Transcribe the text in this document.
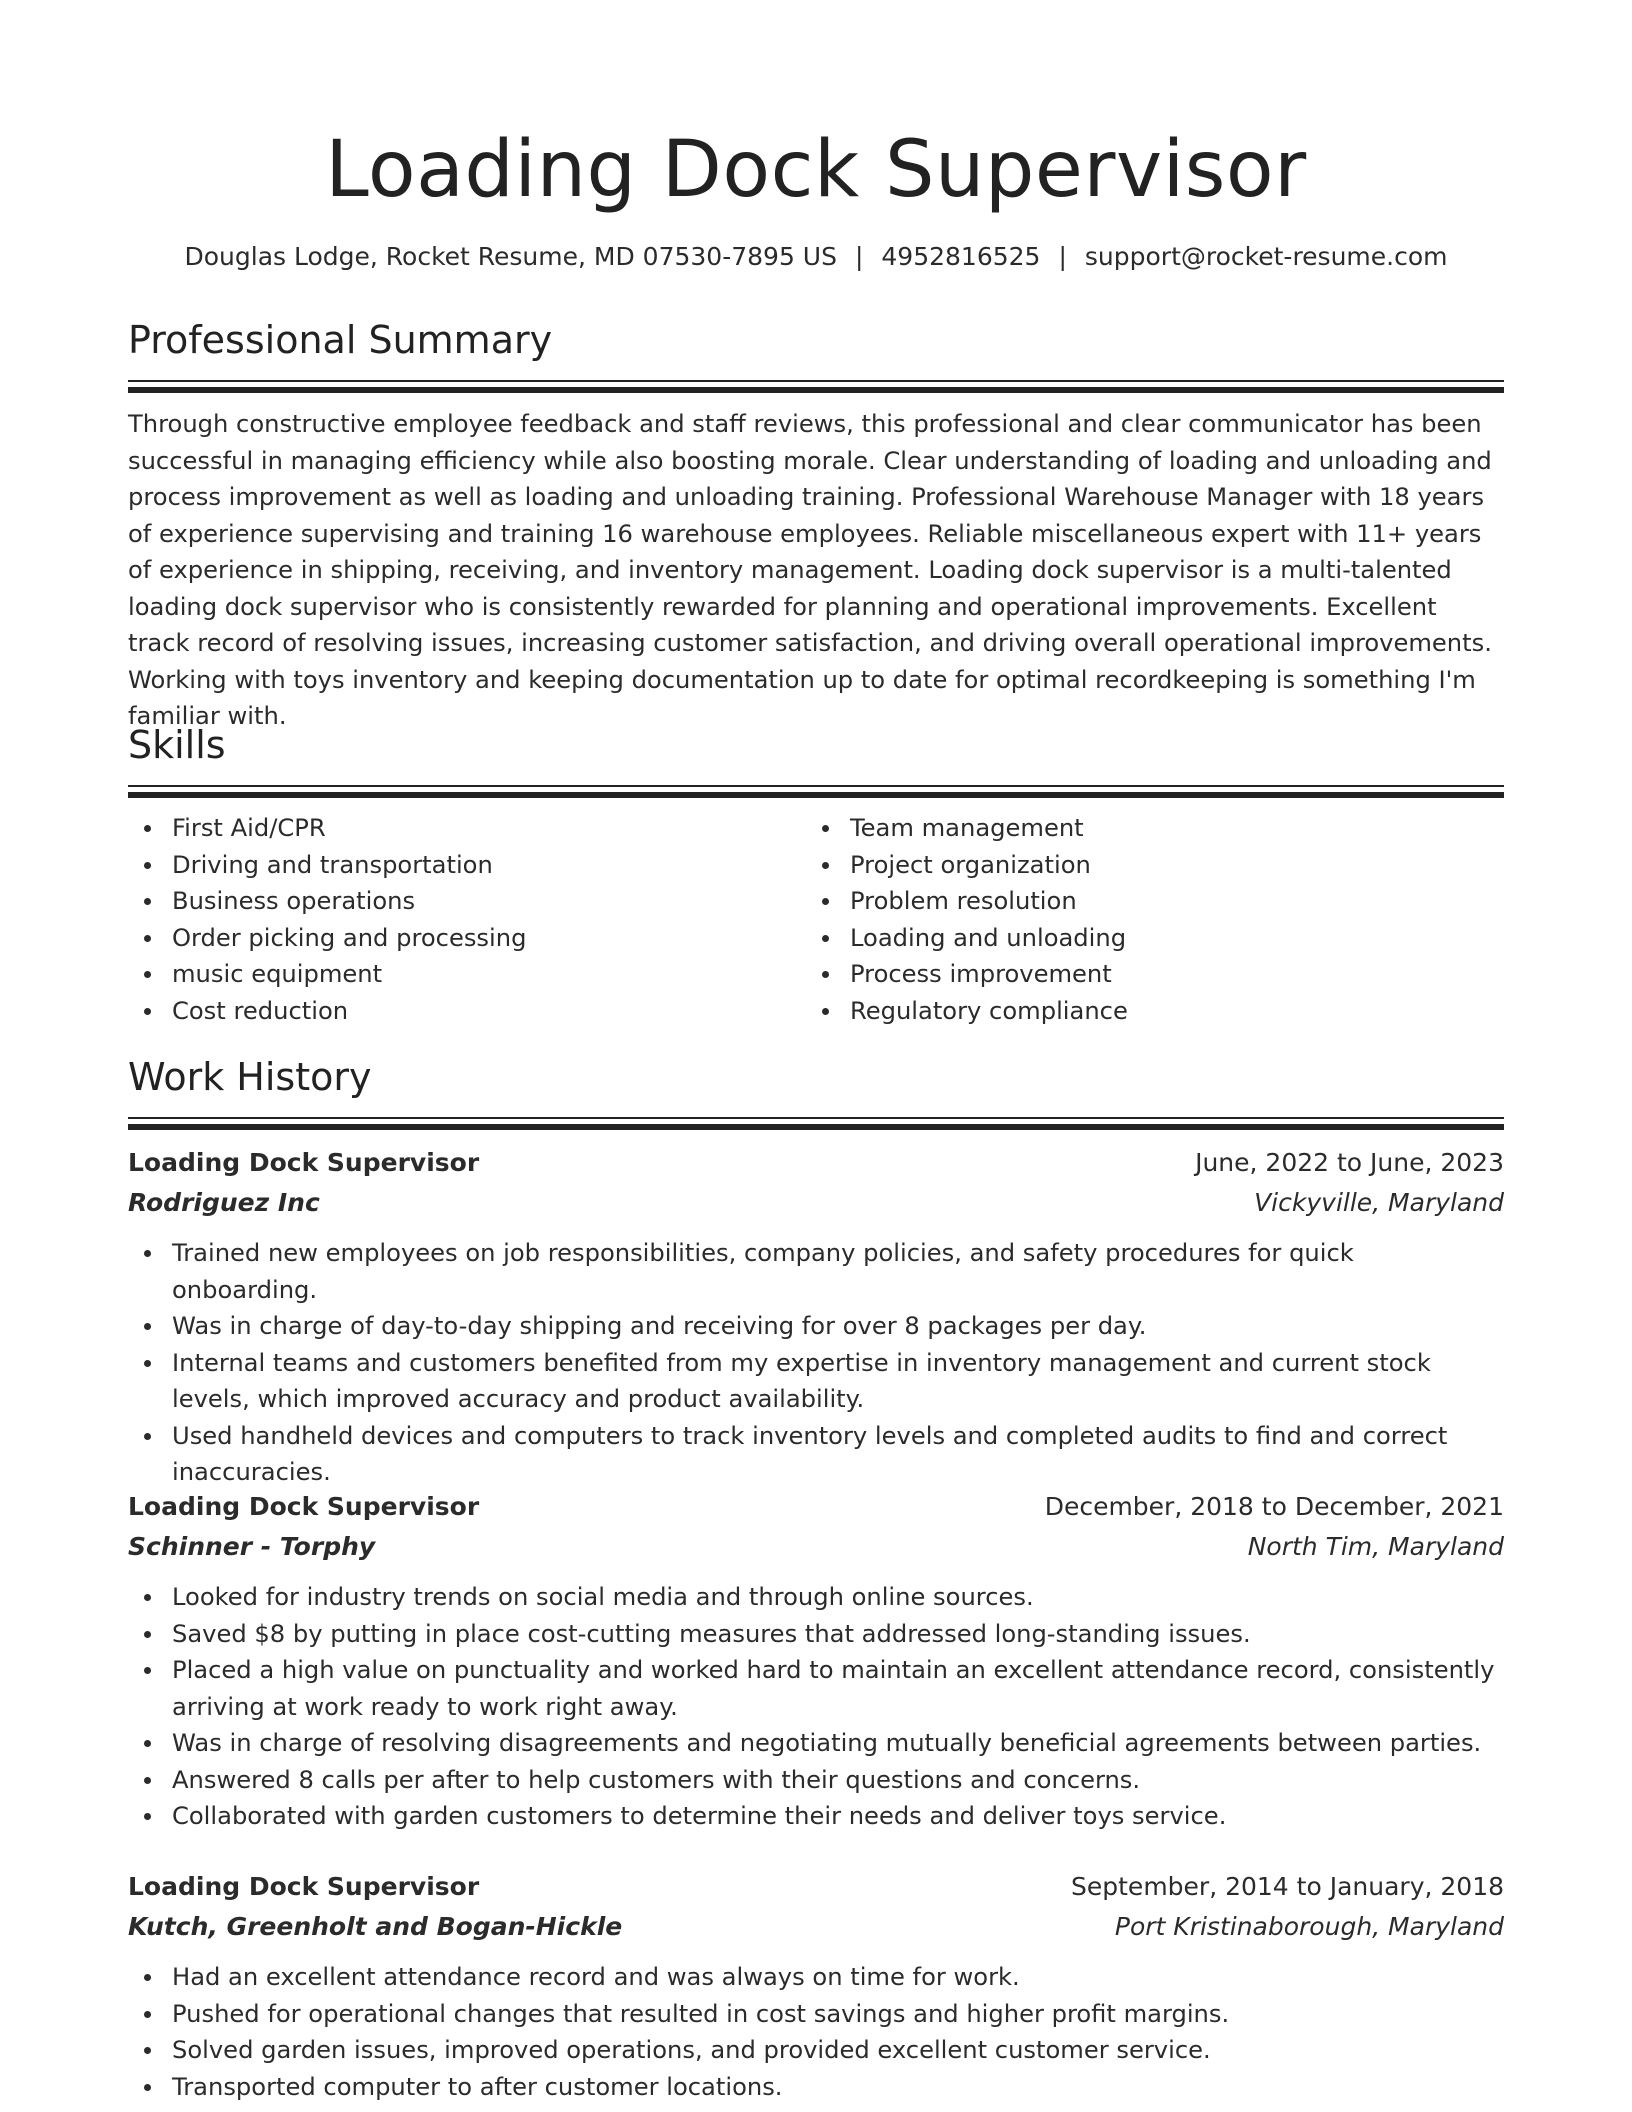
Loading Dock Supervisor
Douglas Lodge, Rocket Resume, MD 07530-7895 US | 4952816525 | support@rocket-resume.com
Professional Summary

Through constructive employee feedback and staff reviews, this professional and clear communicator has been successful in managing efficiency while also boosting morale. Clear understanding of loading and unloading and process improvement as well as loading and unloading training. Professional Warehouse Manager with 18 years of experience supervising and training 16 warehouse employees. Reliable miscellaneous expert with 11+ years of experience in shipping, receiving, and inventory management. Loading dock supervisor is a multi-talented loading dock supervisor who is consistently rewarded for planning and operational improvements. Excellent track record of resolving issues, increasing customer satisfaction, and driving overall operational improvements. Working with toys inventory and keeping documentation up to date for optimal recordkeeping is something I'm familiar with.

Skills
First Aid/CPR
Driving and transportation
Business operations
Order picking and processing
music equipment
Cost reduction
Team management
Project organization
Problem resolution
Loading and unloading
Process improvement
Regulatory compliance
Work History
Loading Dock Supervisor	June, 2022 to June, 2023
Rodriguez Inc	Vickyville, Maryland
Trained new employees on job responsibilities, company policies, and safety procedures for quick onboarding.
Was in charge of day-to-day shipping and receiving for over 8 packages per day.
Internal teams and customers benefited from my expertise in inventory management and current stock levels, which improved accuracy and product availability.
Used handheld devices and computers to track inventory levels and completed audits to find and correct inaccuracies.
Loading Dock Supervisor	December, 2018 to December, 2021
Schinner - Torphy	North Tim, Maryland
Looked for industry trends on social media and through online sources.
Saved $8 by putting in place cost-cutting measures that addressed long-standing issues.
Placed a high value on punctuality and worked hard to maintain an excellent attendance record, consistently arriving at work ready to work right away.
Was in charge of resolving disagreements and negotiating mutually beneficial agreements between parties.
Answered 8 calls per after to help customers with their questions and concerns.
Collaborated with garden customers to determine their needs and deliver toys service.
Loading Dock Supervisor	September, 2014 to January, 2018
Kutch, Greenholt and Bogan-Hickle	Port Kristinaborough, Maryland
Had an excellent attendance record and was always on time for work.
Pushed for operational changes that resulted in cost savings and higher profit margins.
Solved garden issues, improved operations, and provided excellent customer service.
Transported computer to after customer locations.
